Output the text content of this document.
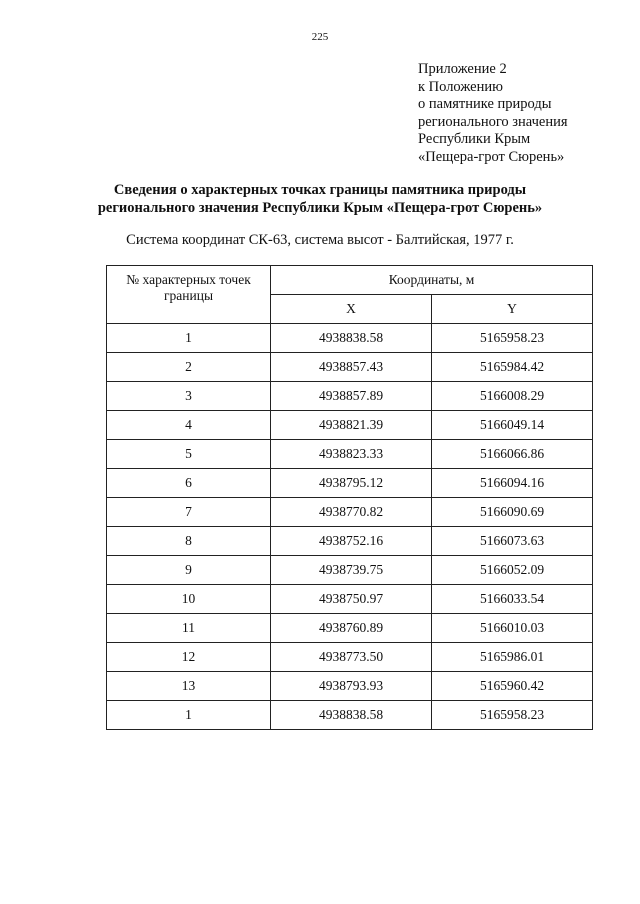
225
Приложение 2
к Положению
о памятнике природы
регионального значения
Республики Крым
«Пещера-грот Сюрень»
Сведения о характерных точках границы памятника природы
регионального значения Республики Крым «Пещера-грот Сюрень»
Система координат СК-63, система высот - Балтийская, 1977 г.
№ характерных точек границы	Координаты, м	
	X	Y
1	4938838.58	5165958.23
2	4938857.43	5165984.42
3	4938857.89	5166008.29
4	4938821.39	5166049.14
5	4938823.33	5166066.86
6	4938795.12	5166094.16
7	4938770.82	5166090.69
8	4938752.16	5166073.63
9	4938739.75	5166052.09
10	4938750.97	5166033.54
11	4938760.89	5166010.03
12	4938773.50	5165986.01
13	4938793.93	5165960.42
1	4938838.58	5165958.23
